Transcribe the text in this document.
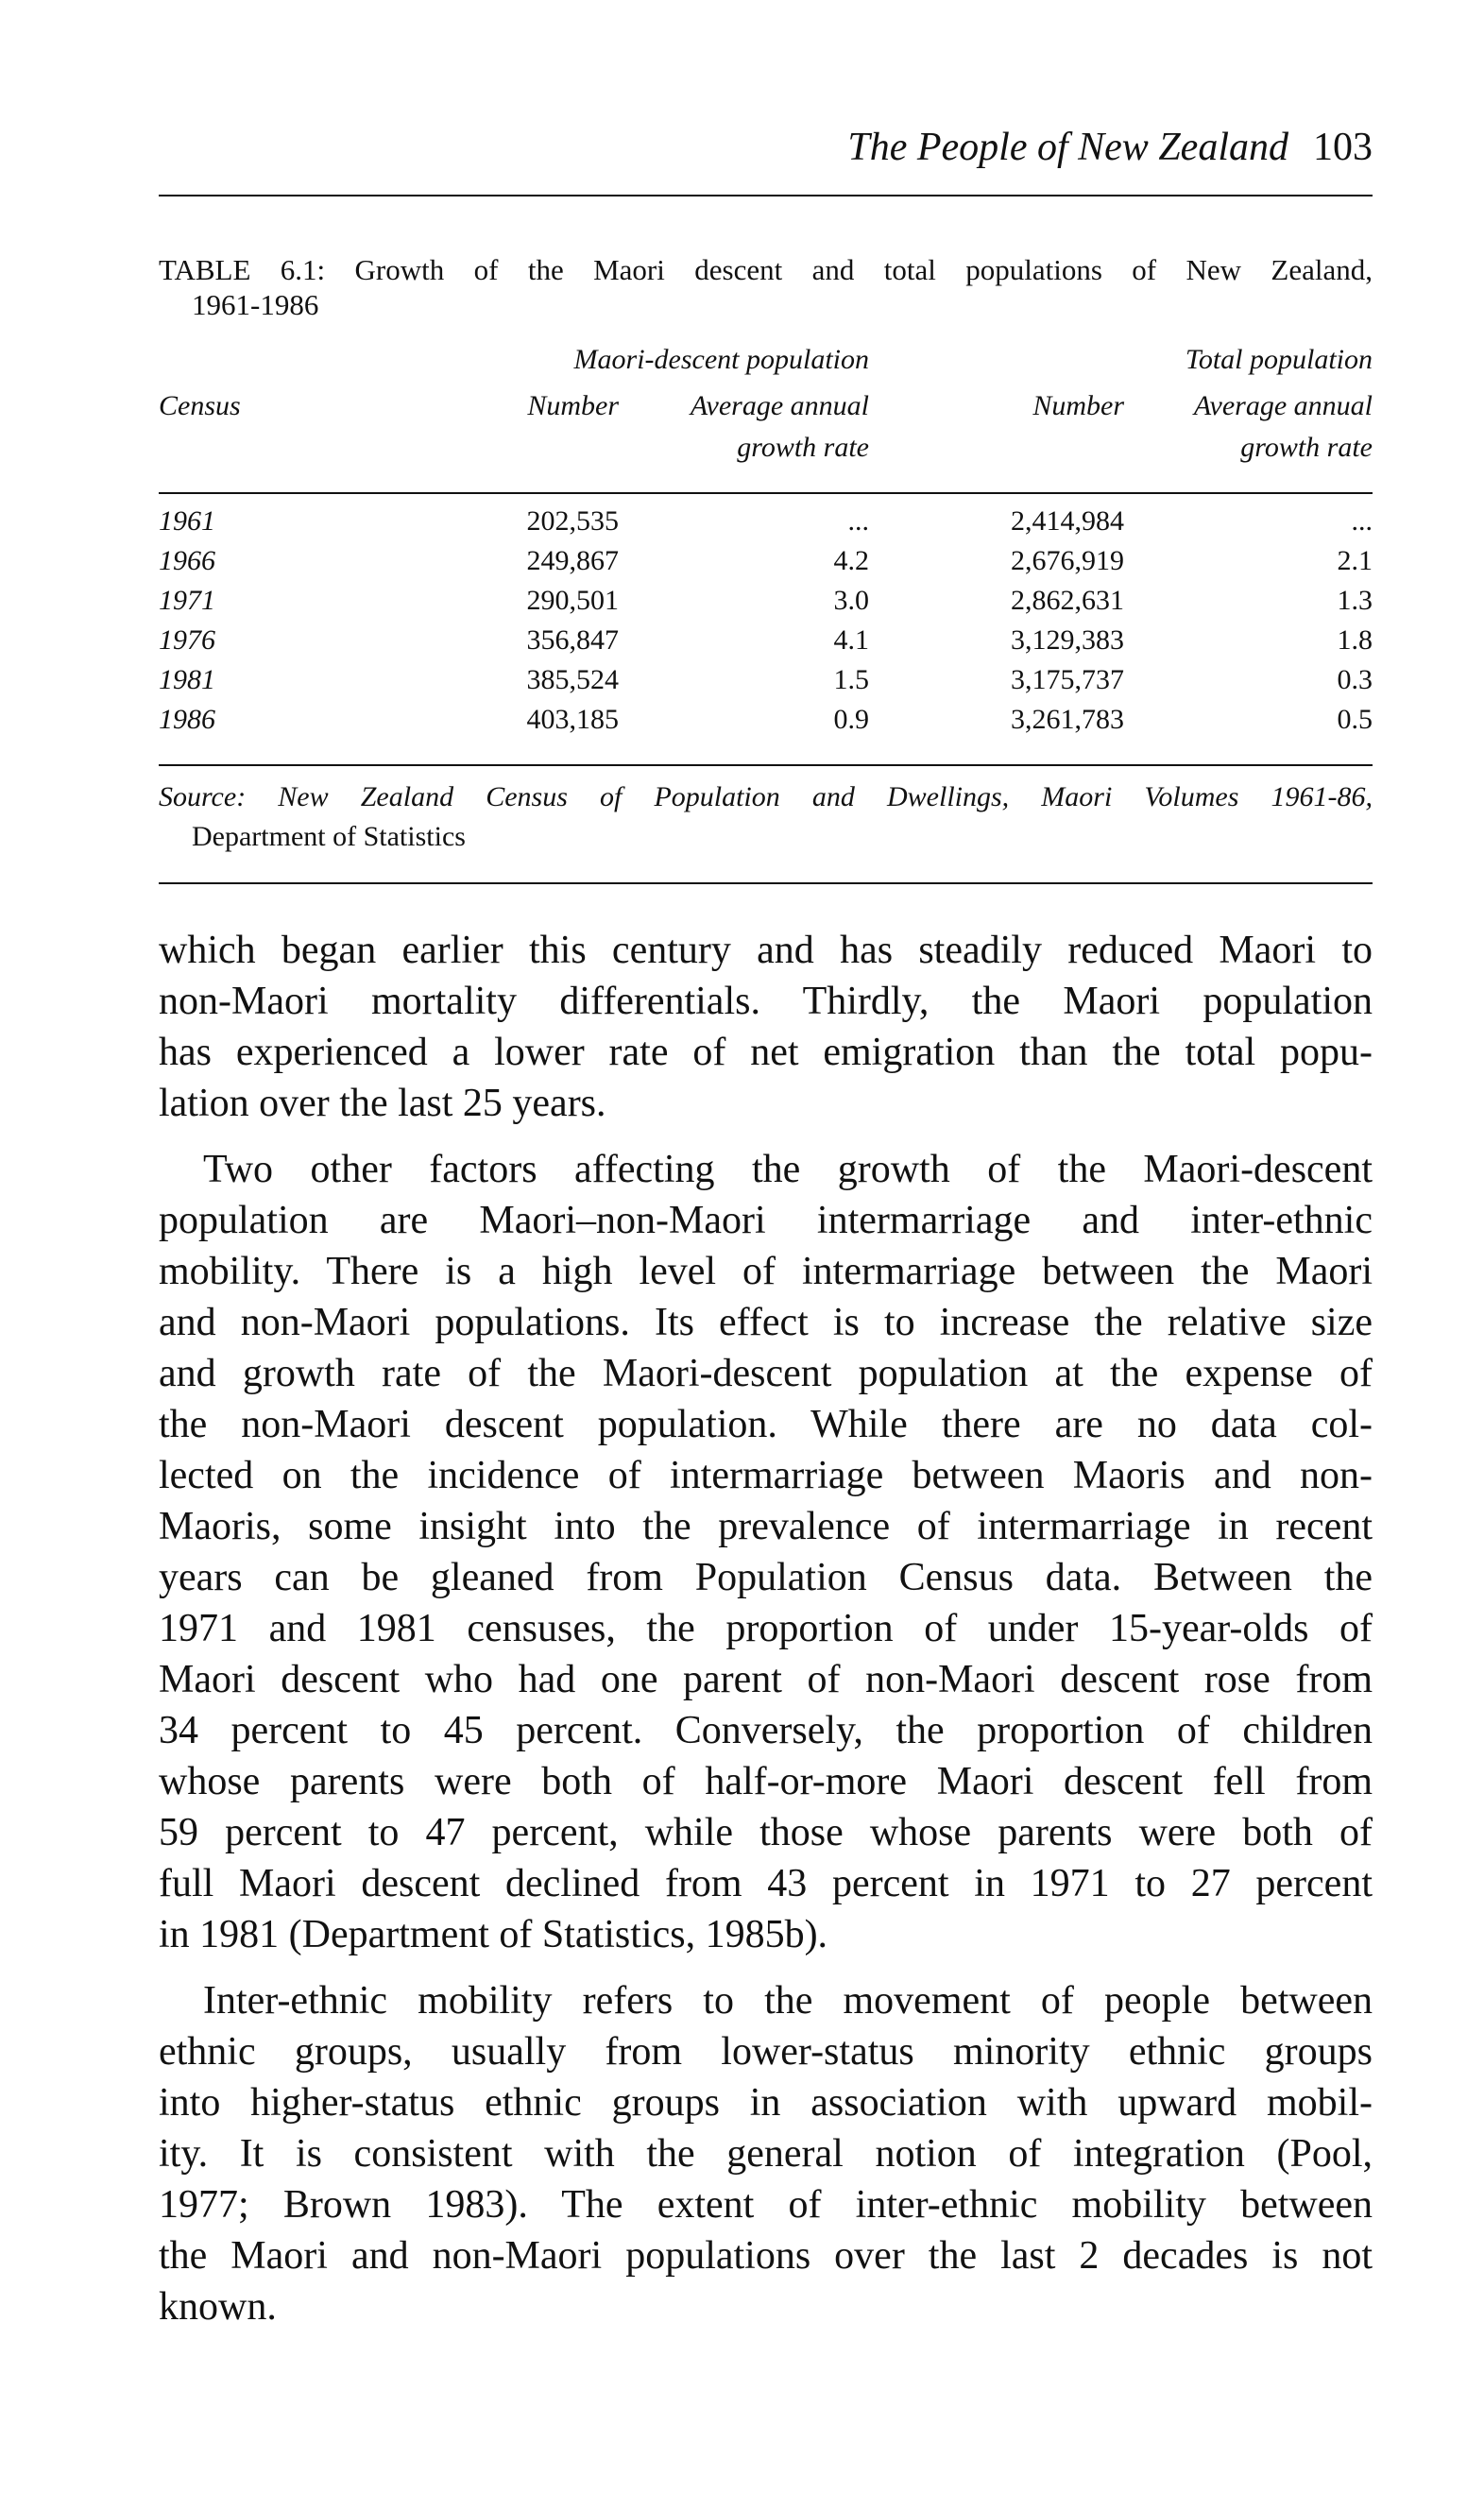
The People of New Zealand 103
TABLE 6.1: Growth of the Maori descent and total populations of New Zealand,
1961-1986
Maori-descent population	Total population
Census	Number	Average annual	Number	Average annual
growth rate	growth rate
1961	202,535	...	2,414,984	...
1966	249,867	4.2	2,676,919	2.1
1971	290,501	3.0	2,862,631	1.3
1976	356,847	4.1	3,129,383	1.8
1981	385,524	1.5	3,175,737	0.3
1986	403,185	0.9	3,261,783	0.5
Source: New Zealand Census of Population and Dwellings, Maori Volumes 1961-86,
Department of Statistics
which began earlier this century and has steadily reduced Maori to
non-Maori mortality differentials. Thirdly, the Maori population
has experienced a lower rate of net emigration than the total popu-
lation over the last 25 years.
Two other factors affecting the growth of the Maori-descent
population are Maori–non-Maori intermarriage and inter-ethnic
mobility. There is a high level of intermarriage between the Maori
and non-Maori populations. Its effect is to increase the relative size
and growth rate of the Maori-descent population at the expense of
the non-Maori descent population. While there are no data col-
lected on the incidence of intermarriage between Maoris and non-
Maoris, some insight into the prevalence of intermarriage in recent
years can be gleaned from Population Census data. Between the
1971 and 1981 censuses, the proportion of under 15-year-olds of
Maori descent who had one parent of non-Maori descent rose from
34 percent to 45 percent. Conversely, the proportion of children
whose parents were both of half-or-more Maori descent fell from
59 percent to 47 percent, while those whose parents were both of
full Maori descent declined from 43 percent in 1971 to 27 percent
in 1981 (Department of Statistics, 1985b).
Inter-ethnic mobility refers to the movement of people between
ethnic groups, usually from lower-status minority ethnic groups
into higher-status ethnic groups in association with upward mobil-
ity. It is consistent with the general notion of integration (Pool,
1977; Brown 1983). The extent of inter-ethnic mobility between
the Maori and non-Maori populations over the last 2 decades is not
known.
